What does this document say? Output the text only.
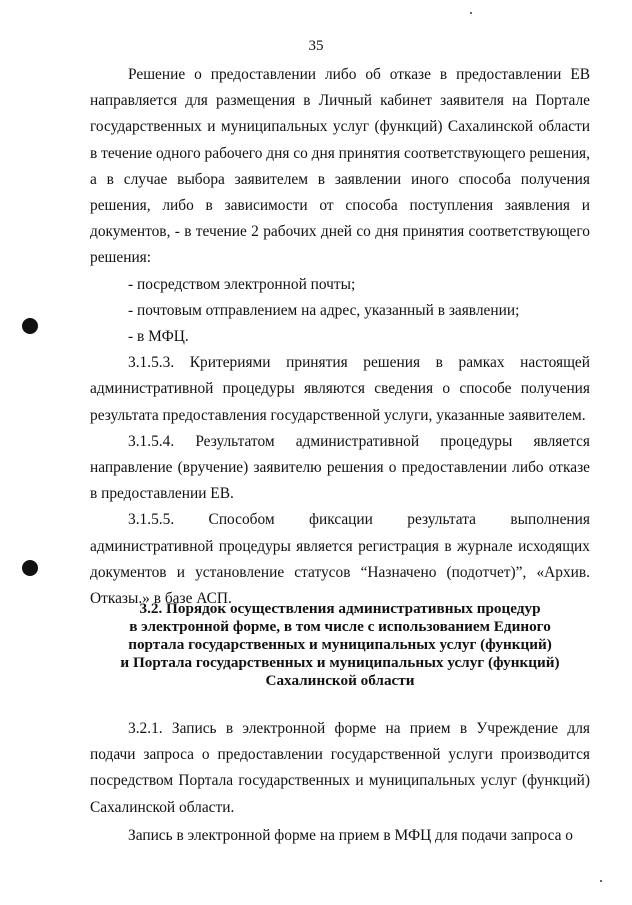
35

Решение о предоставлении либо об отказе в предоставлении ЕВ направляется для размещения в Личный кабинет заявителя на Портале государственных и муниципальных услуг (функций) Сахалинской области в течение одного рабочего дня со дня принятия соответствующего решения, а в случае выбора заявителем в заявлении иного способа получения решения, либо в зависимости от способа поступления заявления и документов, - в течение 2 рабочих дней со дня принятия соответствующего решения:

- посредством электронной почты;

- почтовым отправлением на адрес, указанный в заявлении;

- в МФЦ.

3.1.5.3. Критериями принятия решения в рамках настоящей административной процедуры являются сведения о способе получения результата предоставления государственной услуги, указанные заявителем.

3.1.5.4. Результатом административной процедуры является направление (вручение) заявителю решения о предоставлении либо отказе в предоставлении ЕВ.

3.1.5.5. Способом фиксации результата выполнения административной процедуры является регистрация в журнале исходящих документов и установление статусов “Назначено (подотчет)”, «Архив. Отказы.» в базе АСП.

3.2. Порядок осуществления административных процедур
в электронной форме, в том числе с использованием Единого
портала государственных и муниципальных услуг (функций)
и Портала государственных и муниципальных услуг (функций)
Сахалинской области

3.2.1. Запись в электронной форме на прием в Учреждение для подачи запроса о предоставлении государственной услуги производится посредством Портала государственных и муниципальных услуг (функций) Сахалинской области.

Запись в электронной форме на прием в МФЦ для подачи запроса о
